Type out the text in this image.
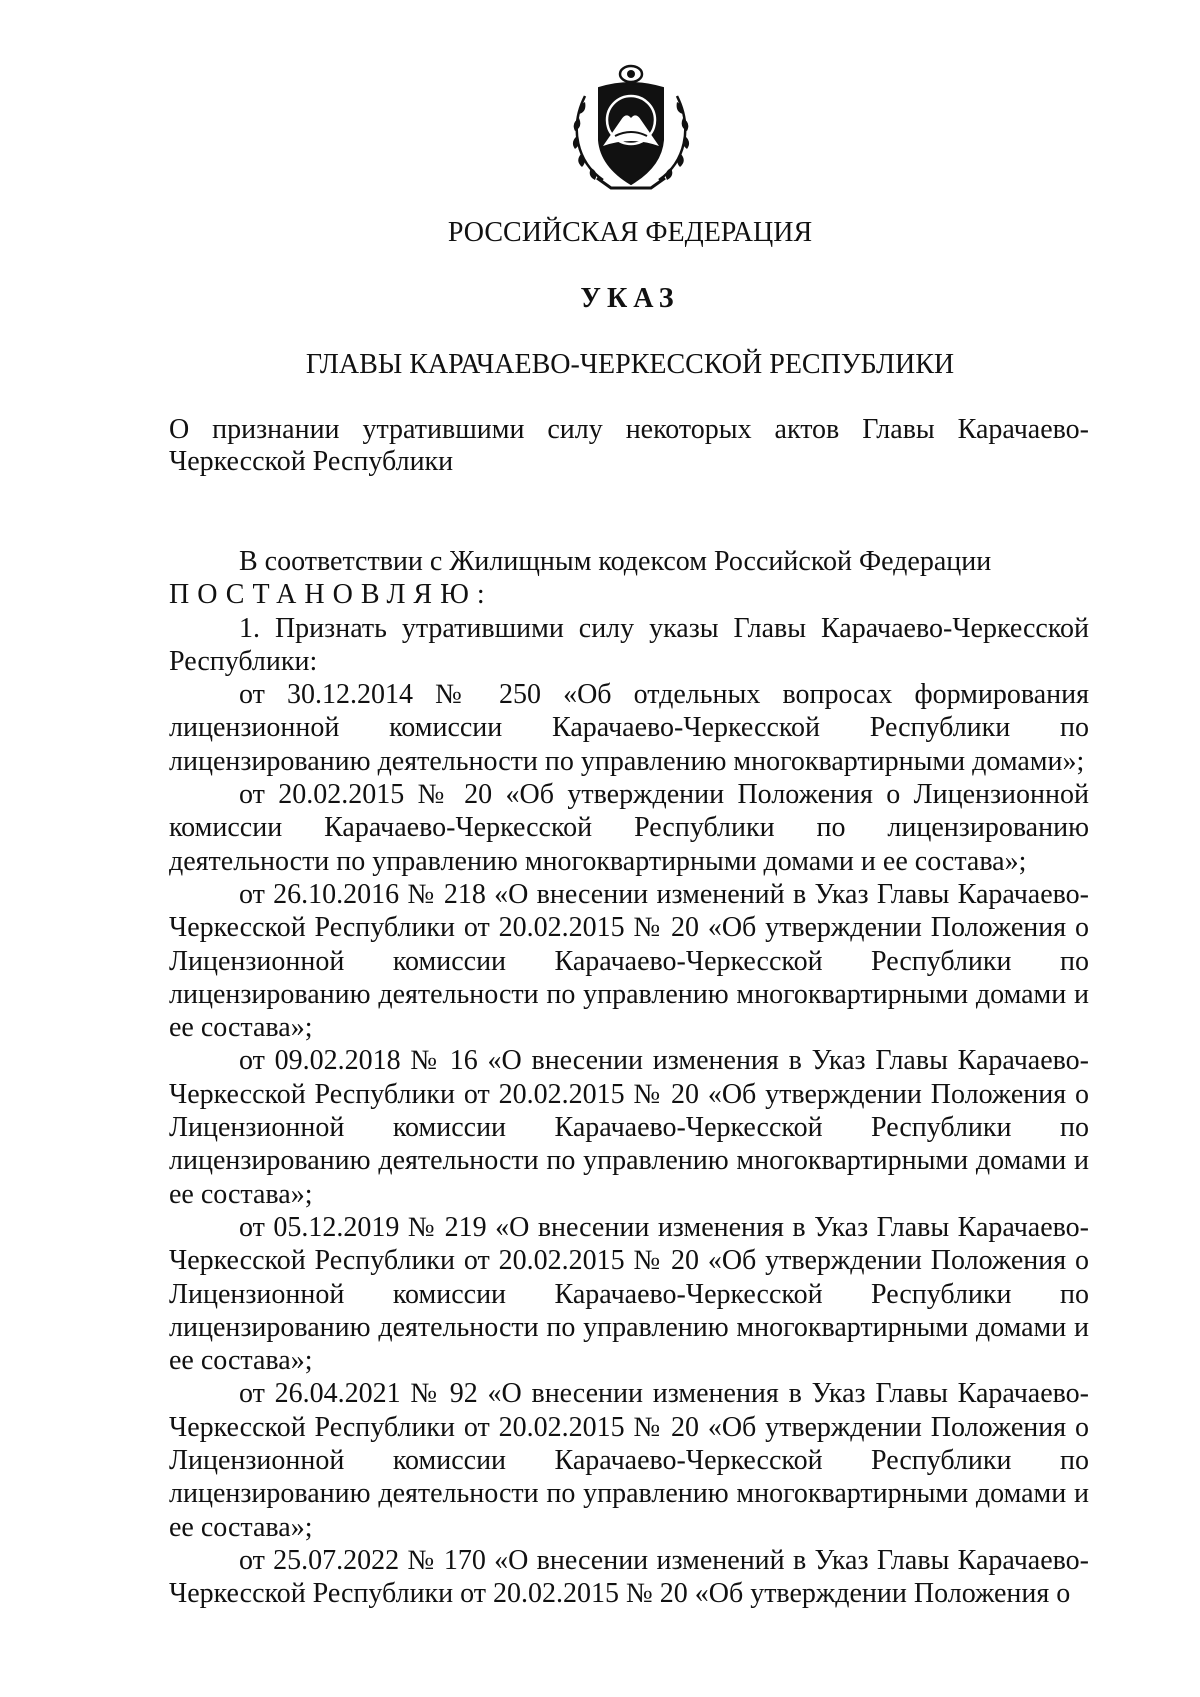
РОССИЙСКАЯ ФЕДЕРАЦИЯ
УКАЗ
ГЛАВЫ КАРАЧАЕВО-ЧЕРКЕССКОЙ РЕСПУБЛИКИ
О признании утратившими силу некоторых актов Главы Карачаево-Черкесской Республики

В соответствии с Жилищным кодексом Российской Федерации

ПОСТАНОВЛЯЮ:

1. Признать утратившими силу указы Главы Карачаево-Черкесской Республики:

от 30.12.2014 № 250 «Об отдельных вопросах формирования лицензионной комиссии Карачаево-Черкесской Республики по лицензированию деятельности по управлению многоквартирными домами»;

от 20.02.2015 № 20 «Об утверждении Положения о Лицензионной комиссии Карачаево-Черкесской Республики по лицензированию деятельности по управлению многоквартирными домами и ее состава»;

от 26.10.2016 № 218 «О внесении изменений в Указ Главы Карачаево-Черкесской Республики от 20.02.2015 № 20 «Об утверждении Положения о Лицензионной комиссии Карачаево-Черкесской Республики по лицензированию деятельности по управлению многоквартирными домами и ее состава»;

от 09.02.2018 № 16 «О внесении изменения в Указ Главы Карачаево-Черкесской Республики от 20.02.2015 № 20 «Об утверждении Положения о Лицензионной комиссии Карачаево-Черкесской Республики по лицензированию деятельности по управлению многоквартирными домами и ее состава»;

от 05.12.2019 № 219 «О внесении изменения в Указ Главы Карачаево-Черкесской Республики от 20.02.2015 № 20 «Об утверждении Положения о Лицензионной комиссии Карачаево-Черкесской Республики по лицензированию деятельности по управлению многоквартирными домами и ее состава»;

от 26.04.2021 № 92 «О внесении изменения в Указ Главы Карачаево-Черкесской Республики от 20.02.2015 № 20 «Об утверждении Положения о Лицензионной комиссии Карачаево-Черкесской Республики по лицензированию деятельности по управлению многоквартирными домами и ее состава»;

от 25.07.2022 № 170 «О внесении изменений в Указ Главы Карачаево-Черкесской Республики от 20.02.2015 № 20 «Об утверждении Положения о
